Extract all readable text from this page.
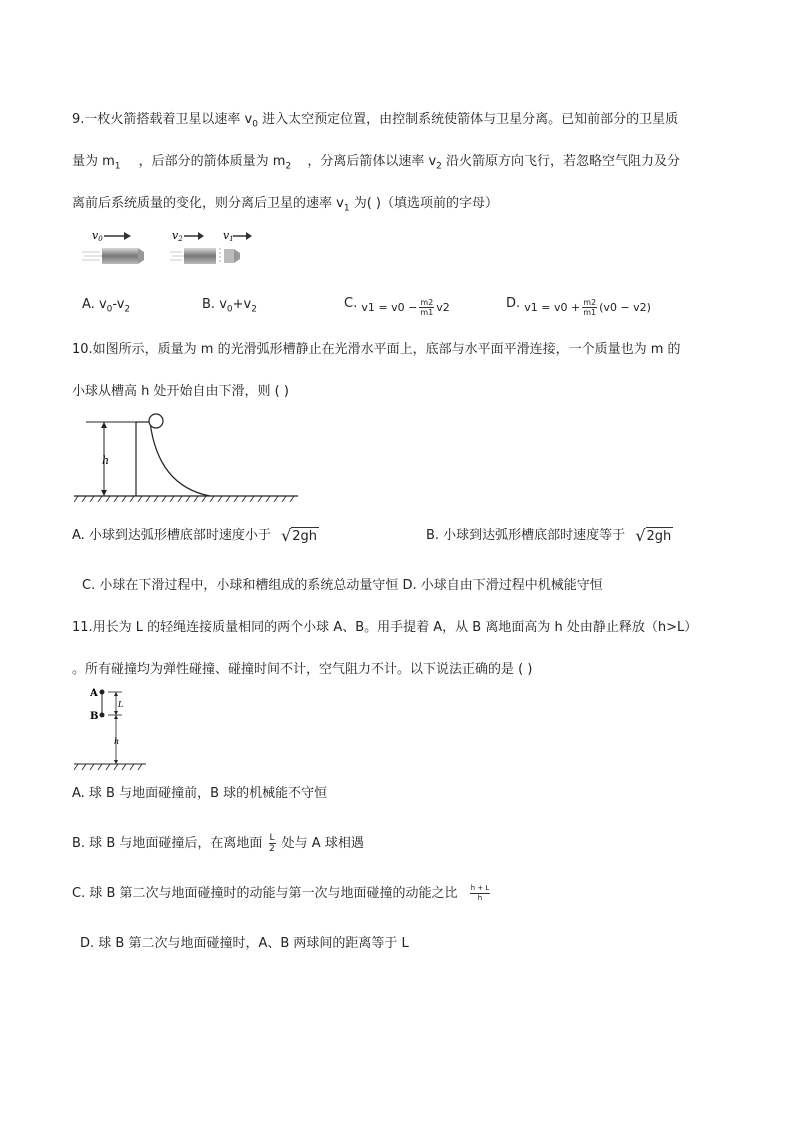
9.一枚火箭搭载着卫星以速率 $v_0$ 进入太空预定位置，由控制系统使箭体与卫星分离。已知前部分的卫星质
量为 $m_1$ ，后部分的箭体质量为 $m_2$ ，分离后箭体以速率 $v_2$ 沿火箭原方向飞行，若忽略空气阻力及分
离前后系统质量的变化，则分离后卫星的速率 $v_1$ 为( )（填选项前的字母）
v0	v2	v1
A. $v_0-v_2$	B. $v_0+v_2$	C. $_{v1 = v0 -} \frac{m2}{m1} _{v2}$	D. $_{v1 = v0 +} \frac{m2}{m1} _{(v0 - v2)}$
10.如图所示，质量为 m 的光滑弧形槽静止在光滑水平面上，底部与水平面平滑连接，一个质量也为 m 的
小球从槽高 h 处开始自由下滑，则 ( )
h
A. 小球到达弧形槽底部时速度小于 √ 2gh	B. 小球到达弧形槽底部时速度等于 √ 2gh
C. 小球在下滑过程中，小球和槽组成的系统总动量守恒 D. 小球自由下滑过程中机械能守恒
11.用长为 L 的轻绳连接质量相同的两个小球 A、B。用手提着 A，从 B 离地面高为 h 处由静止释放（h>L）
。所有碰撞均为弹性碰撞、碰撞时间不计，空气阻力不计。以下说法正确的是 ( )
A
B
L
h
A. 球 B 与地面碰撞前，B 球的机械能不守恒
B. 球 B 与地面碰撞后，在离地面 $\frac{L}{2}$ 处与 A 球相遇
C. 球 B 第二次与地面碰撞时的动能与第一次与地面碰撞的动能之比 $\frac{h + L}{h}$
D. 球 B 第二次与地面碰撞时，A、B 两球间的距离等于 L
